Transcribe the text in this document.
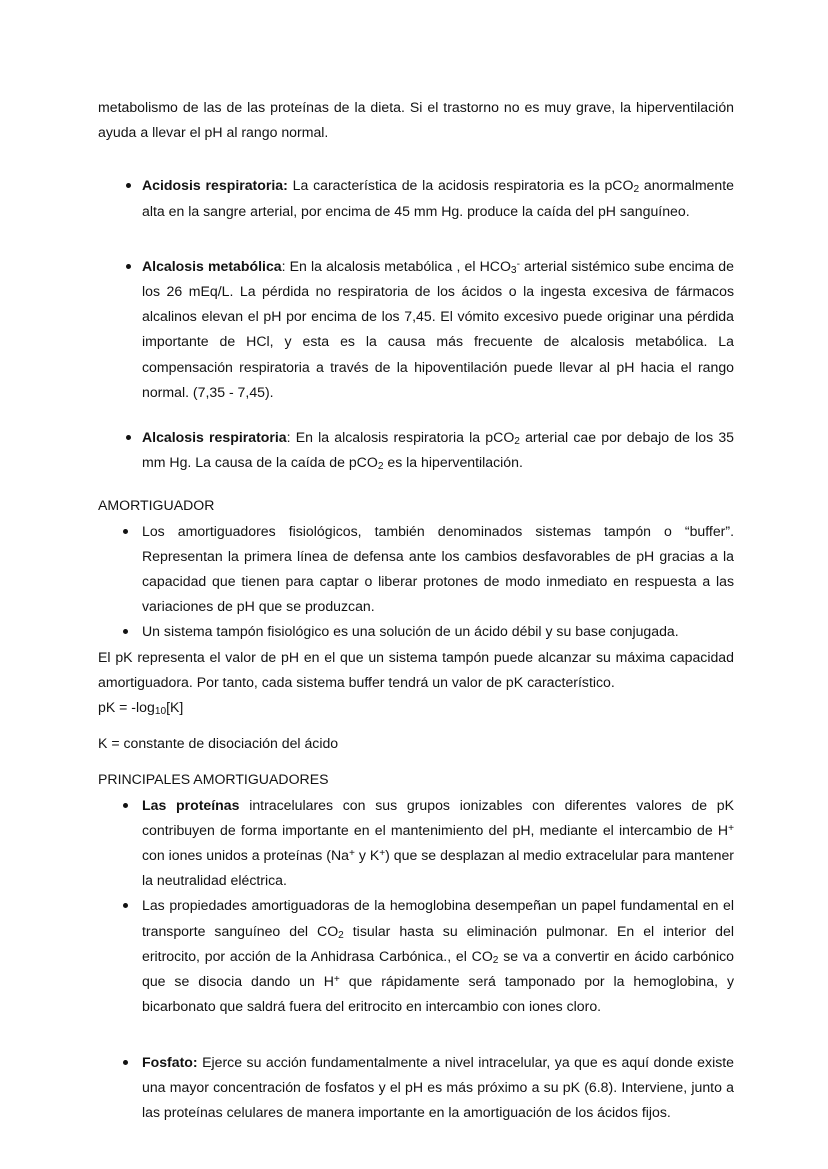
metabolismo de las de las proteínas de la dieta. Si el trastorno no es muy grave, la hiperventilación ayuda a llevar el pH al rango normal.

Acidosis respiratoria: La característica de la acidosis respiratoria es la pCO$_2$ anormalmente alta en la sangre arterial, por encima de 45 mm Hg. produce la caída del pH sanguíneo.
Alcalosis metabólica: En la alcalosis metabólica , el $HCO_3^-$ arterial sistémico sube encima de los 26 mEq/L. La pérdida no respiratoria de los ácidos o la ingesta excesiva de fármacos alcalinos elevan el pH por encima de los 7,45. El vómito excesivo puede originar una pérdida importante de HCl, y esta es la causa más frecuente de alcalosis metabólica. La compensación respiratoria a través de la hipoventilación puede llevar al pH hacia el rango normal. (7,35 - 7,45).
Alcalosis respiratoria: En la alcalosis respiratoria la pCO$_2$ arterial cae por debajo de los 35 mm Hg. La causa de la caída de pCO$_2$ es la hiperventilación.
AMORTIGUADOR
Los amortiguadores fisiológicos, también denominados sistemas tampón o “buffer”. Representan la primera línea de defensa ante los cambios desfavorables de pH gracias a la capacidad que tienen para captar o liberar protones de modo inmediato en respuesta a las variaciones de pH que se produzcan.
Un sistema tampón fisiológico es una solución de un ácido débil y su base conjugada.

El pK representa el valor de pH en el que un sistema tampón puede alcanzar su máxima capacidad amortiguadora. Por tanto, cada sistema buffer tendrá un valor de pK característico.

pK = $-\log_{10}[K]$
K = constante de disociación del ácido
PRINCIPALES AMORTIGUADORES
Las proteínas intracelulares con sus grupos ionizables con diferentes valores de pK contribuyen de forma importante en el mantenimiento del pH, mediante el intercambio de H+ con iones unidos a proteínas (Na+ y K+) que se desplazan al medio extracelular para mantener la neutralidad eléctrica.
Las propiedades amortiguadoras de la hemoglobina desempeñan un papel fundamental en el transporte sanguíneo del $CO_2$ tisular hasta su eliminación pulmonar. En el interior del eritrocito, por acción de la Anhidrasa Carbónica., el $CO_2$ se va a convertir en ácido carbónico que se disocia dando un H+ que rápidamente será tamponado por la hemoglobina, y bicarbonato que saldrá fuera del eritrocito en intercambio con iones cloro.
Fosfato: Ejerce su acción fundamentalmente a nivel intracelular, ya que es aquí donde existe una mayor concentración de fosfatos y el pH es más próximo a su pK (6.8). Interviene, junto a las proteínas celulares de manera importante en la amortiguación de los ácidos fijos.
